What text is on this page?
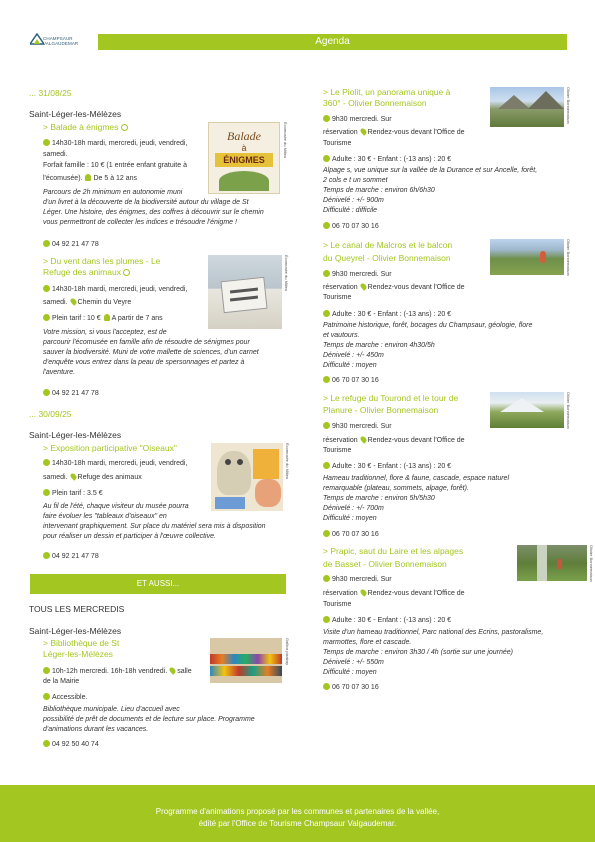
CHAMPSAUR
VALGAUDEMAR	Agenda
... 31/08/25
Saint-Léger-les-Mélèzes
> Balade à énigmes
14h30-18h mardi, mercredi, jeudi, vendredi,
samedi.
Forfait famille : 10 € (1 entrée enfant gratuite à
l'écomusée). De 5 à 12 ans
Parcours de 2h minimum en autonomie muni
d'un livret à la découverte de la biodiversité autour du village de St
Léger. Une histoire, des énigmes, des coffres à découvrir sur le chemin
vous permettront de collecter les indices e trésoudre l'énigme !
04 92 21 47 78
Balade
à
ÉNIGMES
Écomusée du Milieu
> Du vent dans les plumes - Le
Refuge des animaux
14h30-18h mardi, mercredi, jeudi, vendredi,
samedi. Chemin du Veyre
Plein tarif : 10 € A partir de 7 ans
Votre mission, si vous l'acceptez, est de
parcourir l'écomusée en famille afin de résoudre de sénigmes pour
sauver la biodiversité. Muni de votre mallette de sciences, d'un carnet
d'enquête vous entrez dans la peau de spersonnages et partez à
l'aventure.
04 92 21 47 78
Écomusée du Milieu
... 30/09/25
Saint-Léger-les-Mélèzes
> Exposition participative "Oiseaux"
14h30-18h mardi, mercredi, jeudi, vendredi,
samedi. Refuge des animaux
Plein tarif : 3.5 €
Au fil de l'été, chaque visiteur du musée pourra
faire évoluer les "tableaux d'oiseaux" en
intervenant graphiquement. Sur place du matériel sera mis à disposition
pour réaliser un dessin et participer à l'œuvre collective.
04 92 21 47 78
Écomusée du Milieu
ET AUSSI...
TOUS LES MERCREDIS
Saint-Léger-les-Mélèzes
> Bibliothèque de St
Léger-les-Mélèzes
10h-12h mercredi. 16h-18h vendredi. salle
de la Mairie
Accessible.
Bibliothèque municipale. Lieu d'accueil avec
possibilité de prêt de documents et de lecture sur place. Programme
d'animations durant les vacances.
04 92 50 40 74
Gallica pixabay
> Le Piolit, un panorama unique à
360° - Olivier Bonnemaison
9h30 mercredi. Sur
réservation Rendez-vous devant l'Office de
Tourisme
Adulte : 30 € - Enfant : (-13 ans) : 20 €
Alpage s, vue unique sur la vallée de la Durance et sur Ancelle, forêt,
2 cols e t un sommet
Temps de marche : environ 6h/6h30
Dénivelé : +/- 900m
Difficulté : difficile
06 70 07 30 16
Olivier Bonnemaison
> Le canal de Malcros et le balcon
du Queyrel - Olivier Bonnemaison
9h30 mercredi. Sur
réservation Rendez-vous devant l'Office de
Tourisme
Adulte : 30 € - Enfant : (-13 ans) : 20 €
Patrimoine historique, forêt, bocages du Champsaur, géologie, flore
et vautours.
Temps de marche : environ 4h30/5h
Dénivelé : +/- 450m
Difficulté : moyen
06 70 07 30 16
Olivier Bonnemaison
> Le refuge du Tourond et le tour de
Planure - Olivier Bonnemaison
9h30 mercredi. Sur
réservation Rendez-vous devant l'Office de
Tourisme
Adulte : 30 € - Enfant : (-13 ans) : 20 €
Hameau traditionnel, flore & faune, cascade, espace naturel
remarquable (plateau, sommets, alpage, forêt).
Temps de marche : environ 5h/5h30
Dénivelé : +/- 700m
Difficulté : moyen
06 70 07 30 16
Olivier Bonnemaison
> Prapic, saut du Laire et les alpages
de Basset - Olivier Bonnemaison
9h30 mercredi. Sur
réservation Rendez-vous devant l'Office de
Tourisme
Adulte : 30 € - Enfant : (-13 ans) : 20 €
Visite d'un hameau traditionnel, Parc national des Ecrins, pastoralisme,
marmottes, flore et cascade.
Temps de marche : environ 3h30 / 4h (sortie sur une journée)
Dénivelé : +/- 550m
Difficulté : moyen
06 70 07 30 16
Olivier Bonnemaison
Programme d'animations proposé par les communes et partenaires de la vallée,
édité par l'Office de Tourisme Champsaur Valgaudemar.
